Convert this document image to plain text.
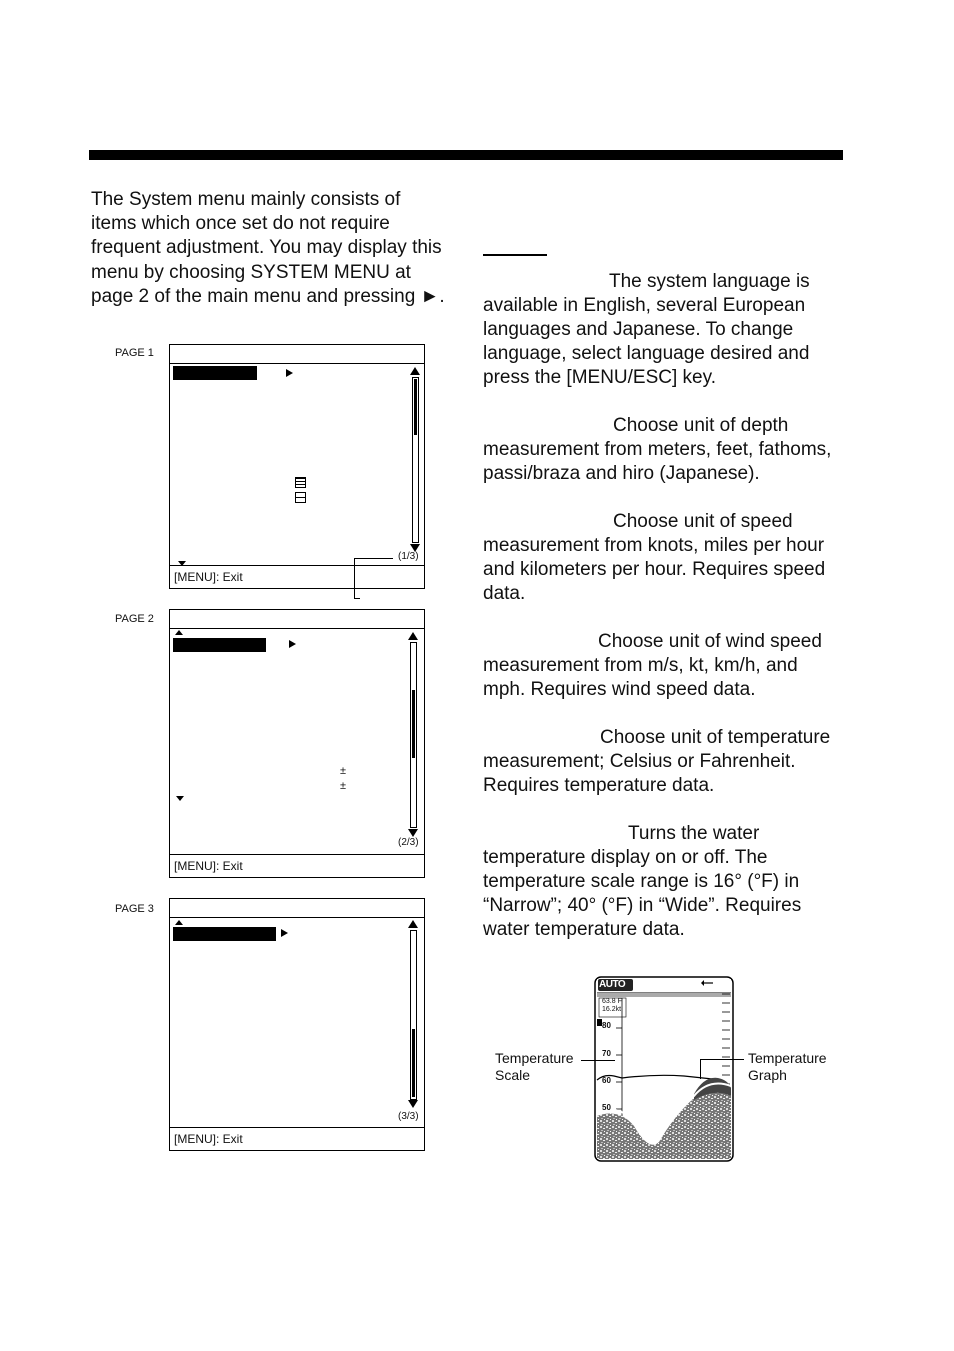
The System menu mainly consists of items which once set do not require frequent adjustment. You may display this menu by choosing SYSTEM MENU at page 2 of the main menu and pressing ►.
PAGE 1
(1/3)
[MENU]: Exit
PAGE 2
±
±
(2/3)
[MENU]: Exit
PAGE 3
(3/3)
[MENU]: Exit

The system language is available in English, several European languages and Japanese. To change language, select language desired and press the [MENU/ESC] key.

Choose unit of depth measurement from meters, feet, fathoms, passi/braza and hiro (Japanese).

Choose unit of speed measurement from knots, miles per hour and kilometers per hour. Requires speed data.

Choose unit of wind speed measurement from m/s, kt, km/h, and mph. Requires wind speed data.

Choose unit of temperature measurement; Celsius or Fahrenheit. Requires temperature data.

Turns the water temperature display on or off. The temperature scale range is 16° (°F) in “Narrow”; 40° (°F) in “Wide”. Requires water temperature data.

AUTO
63.8 F
16.2kt
80
70
60
50
Temperature
Scale
Temperature
Graph
